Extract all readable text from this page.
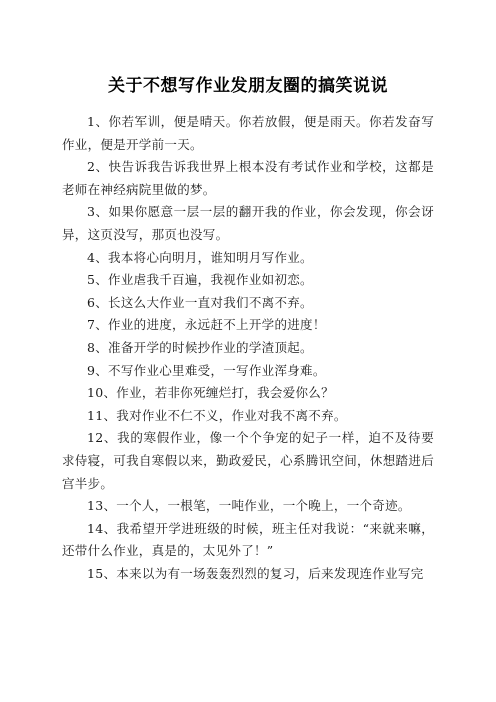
关于不想写作业发朋友圈的搞笑说说

1、你若军训，便是晴天。你若放假，便是雨天。你若发奋写作业，便是开学前一天。

2、快告诉我告诉我世界上根本没有考试作业和学校，这都是老师在神经病院里做的梦。

3、如果你愿意一层一层的翻开我的作业，你会发现，你会讶异，这页没写，那页也没写。

4、我本将心向明月，谁知明月写作业。

5、作业虐我千百遍，我视作业如初恋。

6、长这么大作业一直对我们不离不弃。

7、作业的进度，永远赶不上开学的进度！

8、准备开学的时候抄作业的学渣顶起。

9、不写作业心里难受，一写作业浑身难。

10、作业，若非你死缠烂打，我会爱你么？

11、我对作业不仁不义，作业对我不离不弃。

12、我的寒假作业，像一个个争宠的妃子一样，迫不及待要求侍寝，可我自寒假以来，勤政爱民，心系腾讯空间，休想踏进后宫半步。

13、一个人，一根笔，一吨作业，一个晚上，一个奇迹。

14、我希望开学进班级的时候，班主任对我说：“来就来嘛，还带什么作业，真是的，太见外了！”

15、本来以为有一场轰轰烈烈的复习，后来发现连作业写完
